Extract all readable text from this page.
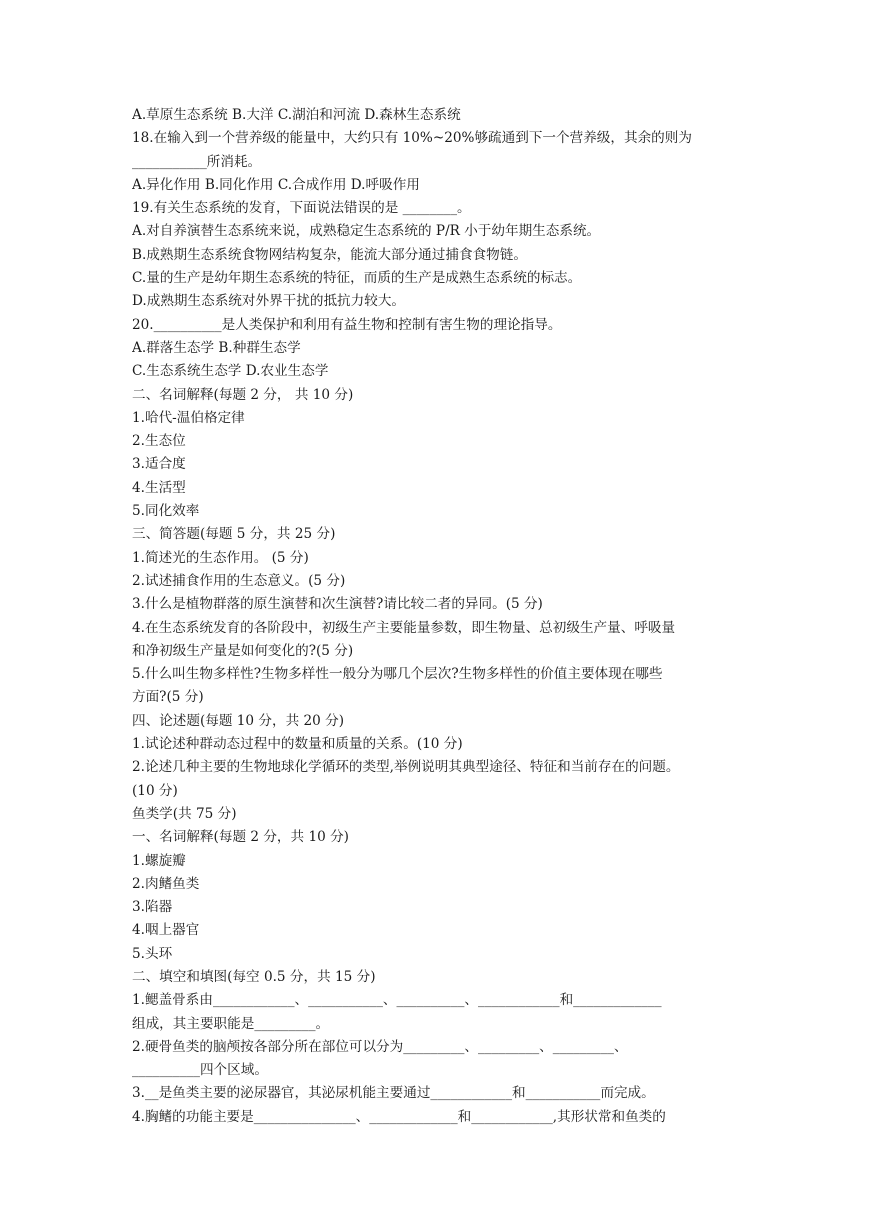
A.草原生态系统 B.大洋 C.湖泊和河流 D.森林生态系统
18.在输入到一个营养级的能量中，大约只有 10%~20%够疏通到下一个营养级，其余的则为
___________所消耗。
A.异化作用 B.同化作用 C.合成作用 D.呼吸作用
19.有关生态系统的发育，下面说法错误的是 ________。
A.对自养演替生态系统来说，成熟稳定生态系统的 P/R 小于幼年期生态系统。
B.成熟期生态系统食物网结构复杂，能流大部分通过捕食食物链。
C.量的生产是幼年期生态系统的特征，而质的生产是成熟生态系统的标志。
D.成熟期生态系统对外界干扰的抵抗力较大。
20.__________是人类保护和利用有益生物和控制有害生物的理论指导。
A.群落生态学 B.种群生态学
C.生态系统生态学 D.农业生态学
二、名词解释(每题 2 分， 共 10 分)
1.哈代-温伯格定律
2.生态位
3.适合度
4.生活型
5.同化效率
三、简答题(每题 5 分，共 25 分)
1.简述光的生态作用。 (5 分)
2.试述捕食作用的生态意义。(5 分)
3.什么是植物群落的原生演替和次生演替?请比较二者的异同。(5 分)
4.在生态系统发育的各阶段中，初级生产主要能量参数，即生物量、总初级生产量、呼吸量
和净初级生产量是如何变化的?(5 分)
5.什么叫生物多样性?生物多样性一般分为哪几个层次?生物多样性的价值主要体现在哪些
方面?(5 分)
四、论述题(每题 10 分，共 20 分)
1.试论述种群动态过程中的数量和质量的关系。(10 分)
2.论述几种主要的生物地球化学循环的类型,举例说明其典型途径、特征和当前存在的问题。
(10 分)
鱼类学(共 75 分)
一、名词解释(每题 2 分，共 10 分)
1.螺旋瓣
2.肉鳍鱼类
3.陷器
4.咽上器官
5.头环
二、填空和填图(每空 0.5 分，共 15 分)
1.鳃盖骨系由____________、___________、__________、____________和_____________
组成，其主要职能是_________。
2.硬骨鱼类的脑颅按各部分所在部位可以分为_________、_________、_________、
__________四个区域。
3.__是鱼类主要的泌尿器官，其泌尿机能主要通过____________和___________而完成。
4.胸鳍的功能主要是_______________、_____________和____________,其形状常和鱼类的
